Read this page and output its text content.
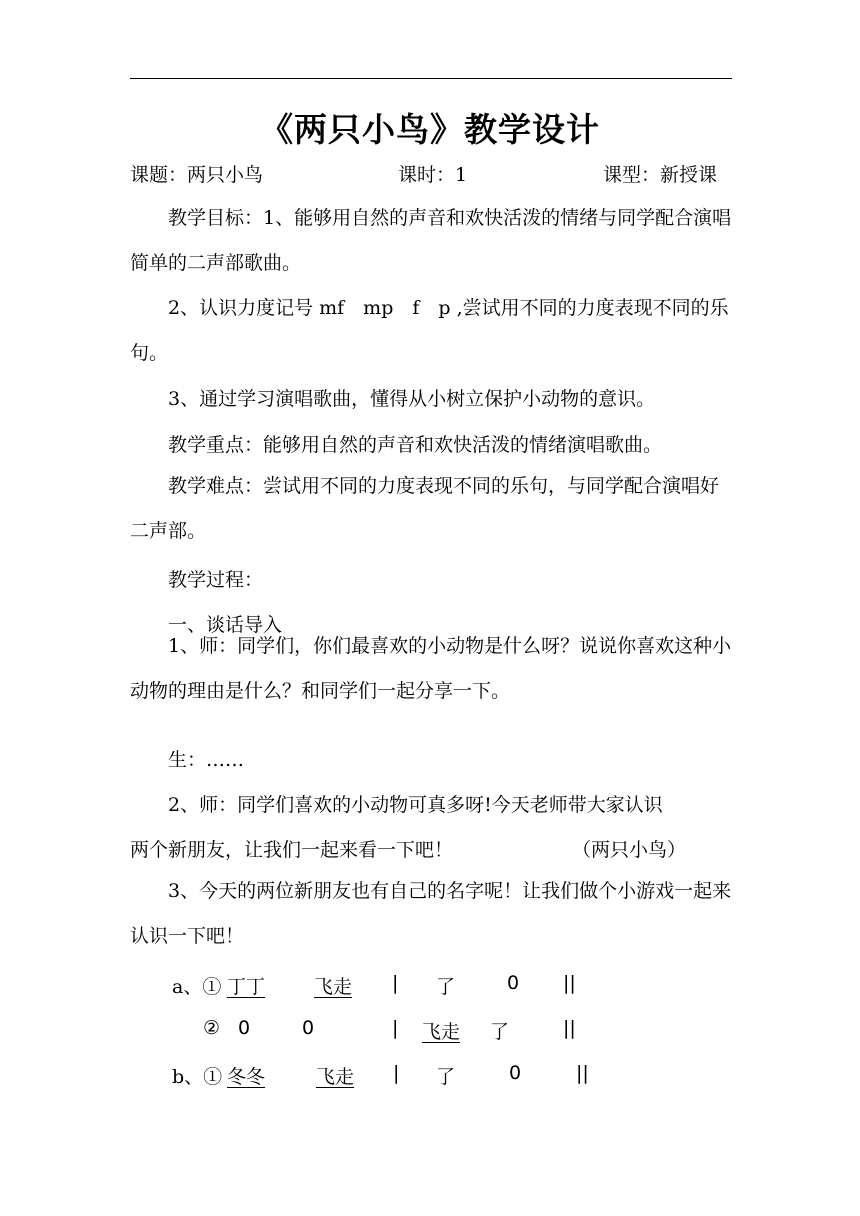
《两只小鸟》教学设计
课题：两只小鸟	课时：1	课型：新授课
教学目标：1、能够用自然的声音和欢快活泼的情绪与同学配合演唱简单的二声部歌曲。
2、认识力度记号 mf　mp　f　p ,尝试用不同的力度表现不同的乐句。
3、通过学习演唱歌曲，懂得从小树立保护小动物的意识。
教学重点：能够用自然的声音和欢快活泼的情绪演唱歌曲。
教学难点：尝试用不同的力度表现不同的乐句，与同学配合演唱好二声部。
教学过程：
一、谈话导入
1、师：同学们，你们最喜欢的小动物是什么呀？说说你喜欢这种小动物的理由是什么？和同学们一起分享一下。
生：……
2、师：同学们喜欢的小动物可真多呀!今天老师带大家认识
两个新朋友，让我们一起来看一下吧！	（两只小鸟）
3、今天的两位新朋友也有自己的名字呢！让我们做个小游戏一起来认识一下吧！
a、① 丁丁	飞走 | 了	0 ||
② 0	0	| 飞走 了	||
b、① 冬冬	飞走 | 了	0	||
